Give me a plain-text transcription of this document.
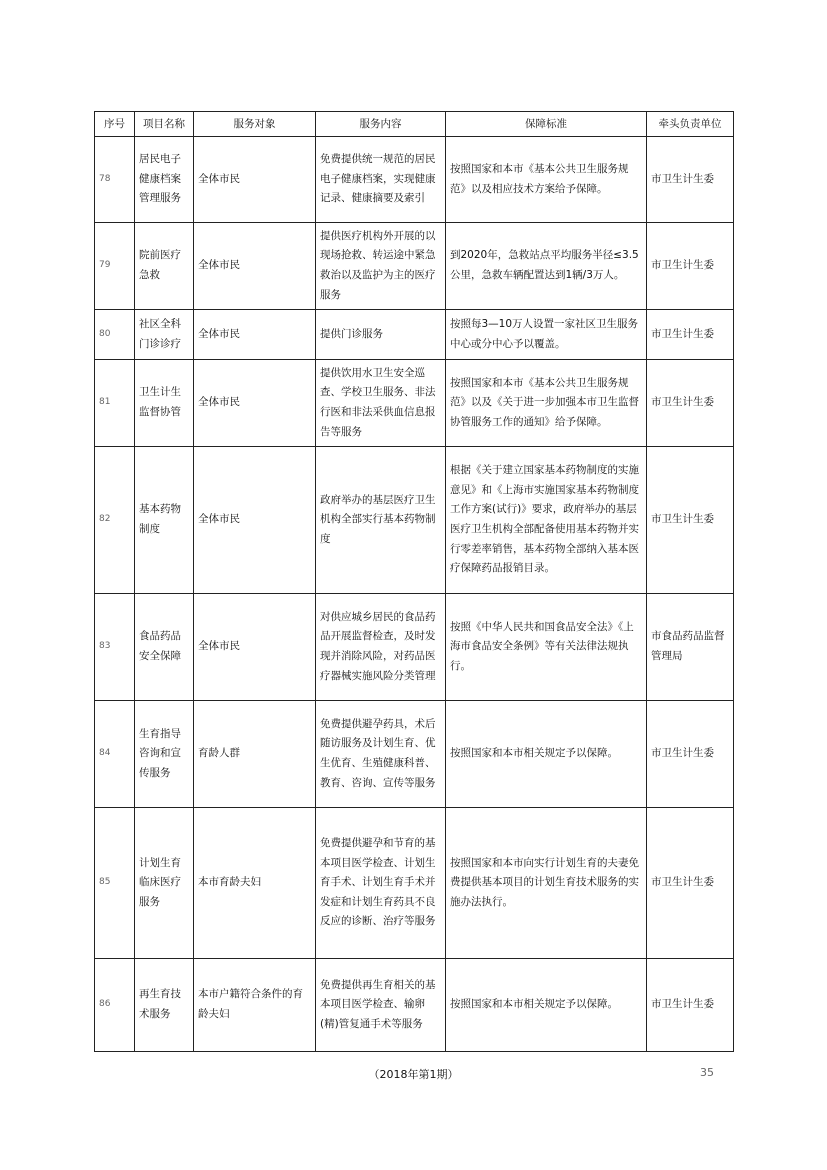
序号	项目名称	服务对象	服务内容	保障标准	牵头负责单位
78	居民电子健康档案管理服务	全体市民	免费提供统一规范的居民电子健康档案，实现健康记录、健康摘要及索引	按照国家和本市《基本公共卫生服务规范》以及相应技术方案给予保障。	市卫生计生委
79	院前医疗急救	全体市民	提供医疗机构外开展的以现场抢救、转运途中紧急救治以及监护为主的医疗服务	到2020年，急救站点平均服务半径≤3.5公里，急救车辆配置达到1辆/3万人。	市卫生计生委
80	社区全科门诊诊疗	全体市民	提供门诊服务	按照每3—10万人设置一家社区卫生服务中心或分中心予以覆盖。	市卫生计生委
81	卫生计生监督协管	全体市民	提供饮用水卫生安全巡查、学校卫生服务、非法行医和非法采供血信息报告等服务	按照国家和本市《基本公共卫生服务规范》以及《关于进一步加强本市卫生监督协管服务工作的通知》给予保障。	市卫生计生委
82	基本药物制度	全体市民	政府举办的基层医疗卫生机构全部实行基本药物制度	根据《关于建立国家基本药物制度的实施意见》和《上海市实施国家基本药物制度工作方案(试行)》要求，政府举办的基层医疗卫生机构全部配备使用基本药物并实行零差率销售，基本药物全部纳入基本医疗保障药品报销目录。	市卫生计生委
83	食品药品安全保障	全体市民	对供应城乡居民的食品药品开展监督检查，及时发现并消除风险，对药品医疗器械实施风险分类管理	按照《中华人民共和国食品安全法》《上海市食品安全条例》等有关法律法规执行。	市食品药品监督管理局
84	生育指导咨询和宣传服务	育龄人群	免费提供避孕药具，术后随访服务及计划生育、优生优育、生殖健康科普、教育、咨询、宣传等服务	按照国家和本市相关规定予以保障。	市卫生计生委
85	计划生育临床医疗服务	本市育龄夫妇	免费提供避孕和节育的基本项目医学检查、计划生育手术、计划生育手术并发症和计划生育药具不良反应的诊断、治疗等服务	按照国家和本市向实行计划生育的夫妻免费提供基本项目的计划生育技术服务的实施办法执行。	市卫生计生委
86	再生育技术服务	本市户籍符合条件的育龄夫妇	免费提供再生育相关的基本项目医学检查、输卵(精)管复通手术等服务	按照国家和本市相关规定予以保障。	市卫生计生委
（2018年第1期）	35
